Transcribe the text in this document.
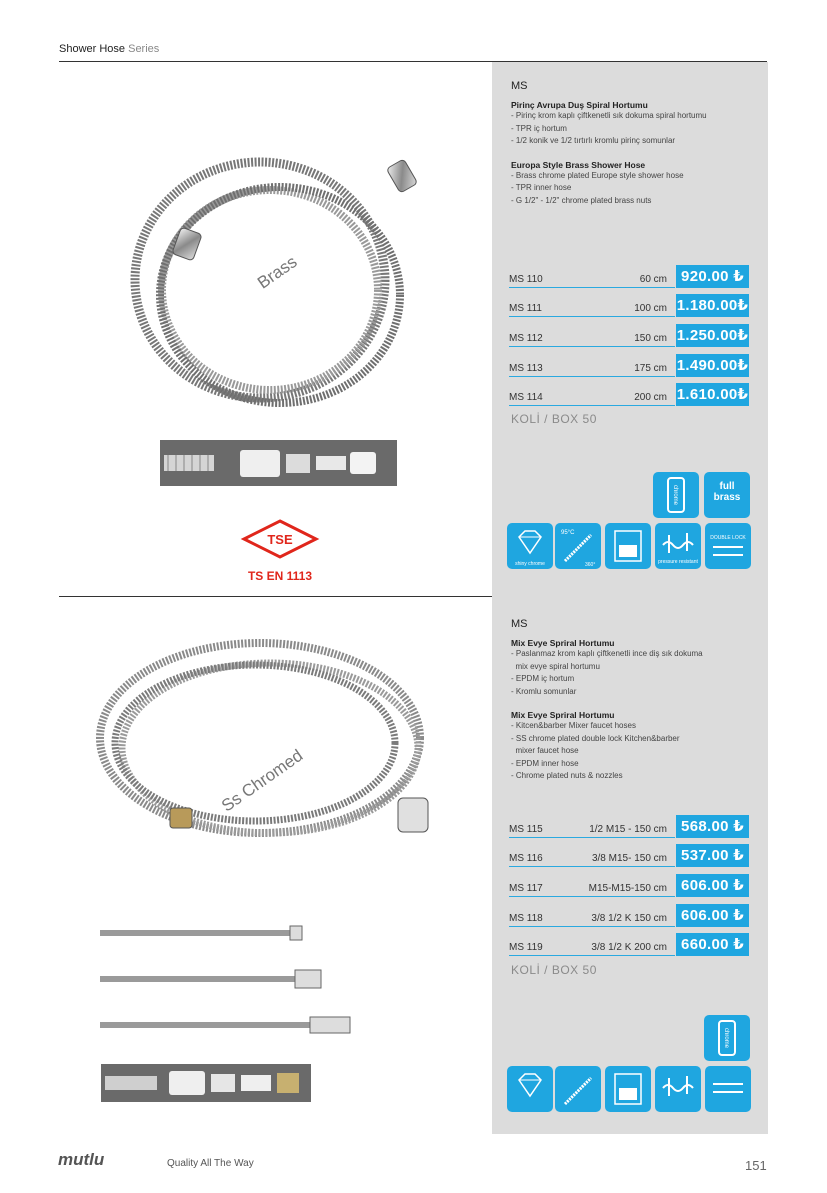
Shower Hose Series
Brass
TSE
TS EN 1113
MS
Pirinç Avrupa Duş Spiral Hortumu
- Pirinç krom kaplı çiftkenetli sık dokuma spiral hortumu
- TPR iç hortum
- 1/2 konik ve 1/2 tırtırlı kromlu pirinç somunlar
Europa Style Brass Shower Hose
- Brass chrome plated Europe style shower hose
- TPR inner hose
- G 1/2" - 1/2" chrome plated brass nuts
MS 110	60 cm 920.00 ₺
MS 111	100 cm 1.180.00₺
MS 112	150 cm 1.250.00₺
MS 113	175 cm 1.490.00₺
MS 114	200 cm 1.610.00₺
KOLİ / BOX 50
chrome	full brass
shiny chrome
95°C
360°	pressure resistant
DOUBLE LOCK
Ss Chromed
MS
Mix Evye Spriral Hortumu
- Paslanmaz krom kaplı çiftkenetli ince diş sık dokuma
mix evye spiral hortumu
- EPDM iç hortum
- Kromlu somunlar
Mix Evye Spriral Hortumu
- Kitcen&barber Mixer faucet hoses
- SS chrome plated double lock Kitchen&barber
mixer faucet hose
- EPDM inner hose
- Chrome plated nuts & nozzles
MS 115	1/2 M15 - 150 cm 568.00 ₺
MS 116	3/8 M15- 150 cm 537.00 ₺
MS 117	M15-M15-150 cm 606.00 ₺
MS 118	3/8 1/2 K 150 cm 606.00 ₺
MS 119	3/8 1/2 K 200 cm 660.00 ₺
KOLİ / BOX 50
chrome
mutlu	Quality All The Way	151
